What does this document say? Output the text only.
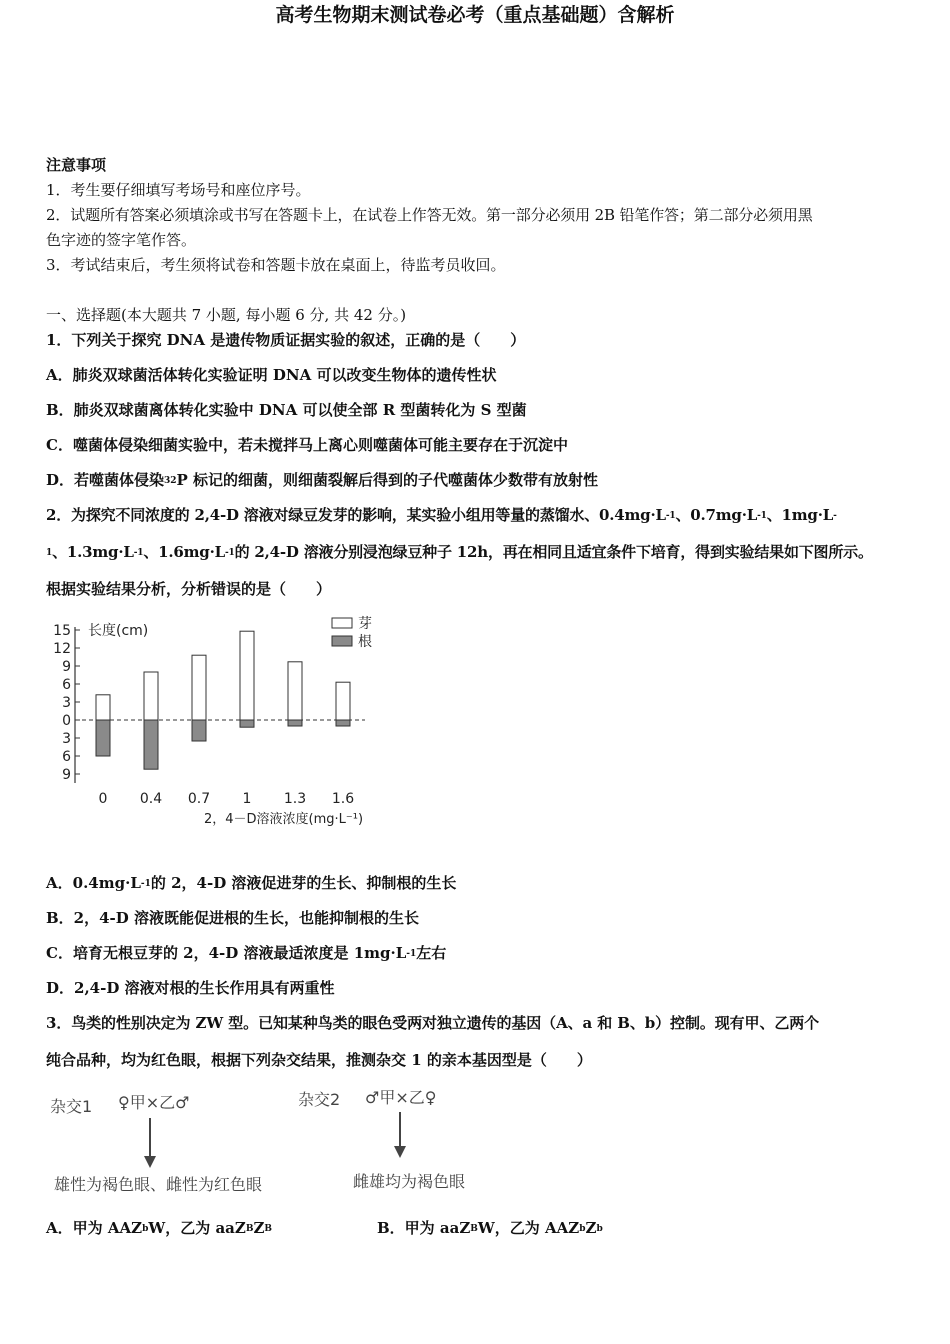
高考生物期末测试卷必考（重点基础题）含解析
注意事项
1．考生要仔细填写考场号和座位序号。
2．试题所有答案必须填涂或书写在答题卡上，在试卷上作答无效。第一部分必须用 2B 铅笔作答；第二部分必须用黑
色字迹的签字笔作答。
3．考试结束后，考生须将试卷和答题卡放在桌面上，待监考员收回。
一、选择题(本大题共 7 小题, 每小题 6 分, 共 42 分。)
1．下列关于探究 DNA 是遗传物质证据实验的叙述，正确的是（　　）
A．肺炎双球菌活体转化实验证明 DNA 可以改变生物体的遗传性状
B．肺炎双球菌离体转化实验中 DNA 可以使全部 R 型菌转化为 S 型菌
C．噬菌体侵染细菌实验中，若未搅拌马上离心则噬菌体可能主要存在于沉淀中
D．若噬菌体侵染$^{32}$P 标记的细菌，则细菌裂解后得到的子代噬菌体少数带有放射性
2．为探究不同浓度的 2,4-D 溶液对绿豆发芽的影响，某实验小组用等量的蒸馏水、$0.4mg\cdot L^{-1}$、$0.7mg\cdot L^{-1}$、1mg·L-
$^1$、$1.3mg\cdot L^{-1}$、$1.6mg\cdot L^{-1}$的 2,4-D 溶液分别浸泡绿豆种子 12h，再在相同且适宜条件下培育，得到实验结果如下图所示。
根据实验结果分析，分析错误的是（　　）
长度(cm)	芽
根
15
12
9
6
3
0
3
6
9
0 0.4 0.7 1 1.3 1.6
2，4－D溶液浓度(mg·L⁻¹)
A．$0.4mg\cdot L^{-1}$的 2，4-D 溶液促进芽的生长、抑制根的生长
B．2，4-D 溶液既能促进根的生长，也能抑制根的生长
C．培育无根豆芽的 2，4-D 溶液最适浓度是 $1mg\cdot L^{-1}$左右
D．2,4-D 溶液对根的生长作用具有两重性
3．鸟类的性别决定为 ZW 型。已知某种鸟类的眼色受两对独立遗传的基因（A、a 和 B、b）控制。现有甲、乙两个
纯合品种，均为红色眼，根据下列杂交结果，推测杂交 1 的亲本基因型是（　　）
杂交1 ♀甲×乙♂
雄性为褐色眼、雌性为红色眼
杂交2 ♂甲×乙♀
雌雄均为褐色眼
A．甲为 AAZ$^b$W，乙为 $aaZ^BZ^B$	B．甲为 aaZ$^B$W，乙为 $AAZ^bZ^b$
